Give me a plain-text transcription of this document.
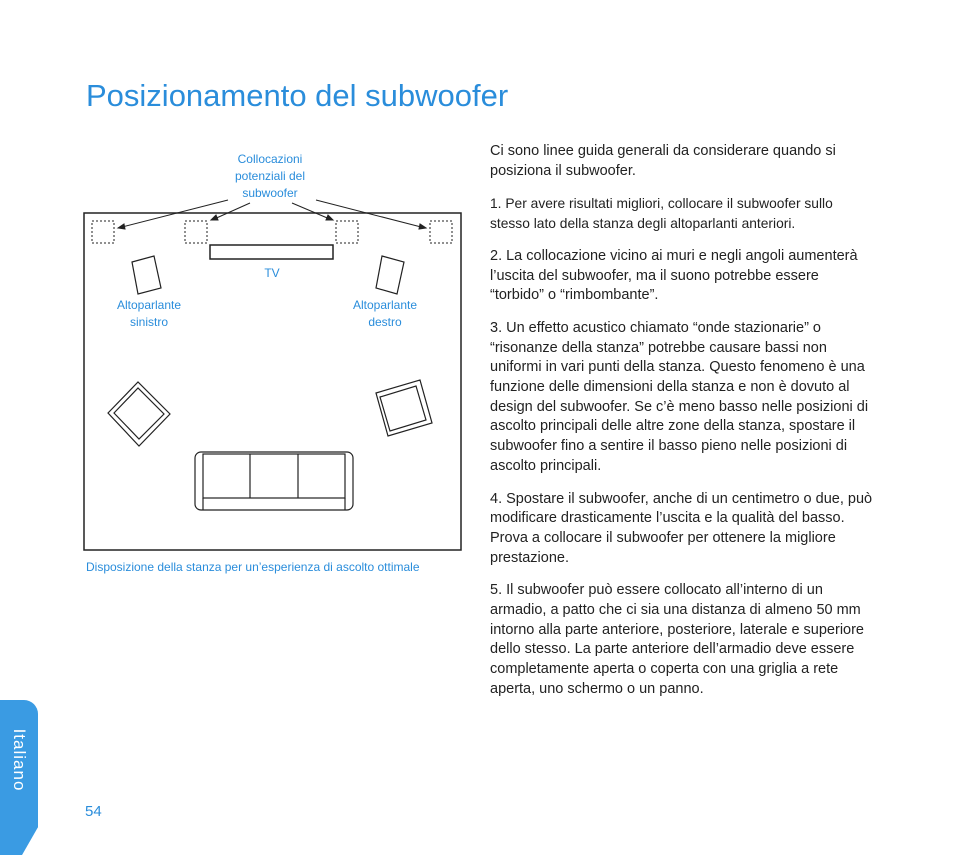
Posizionamento del subwoofer
Collocazioni potenziali del subwoofer
TV
Altoparlante sinistro
Altoparlante destro
Disposizione della stanza per un’esperienza di ascolto ottimale

Ci sono linee guida generali da considerare quando si posiziona il subwoofer.

1. Per avere risultati migliori, collocare il subwoofer sullo stesso lato della stanza degli altoparlanti anteriori.

2. La collocazione vicino ai muri e negli angoli aumenterà l’uscita del subwoofer, ma il suono potrebbe essere “torbido” o “rimbombante”.

3. Un effetto acustico chiamato “onde stazionarie” o “risonanze della stanza” potrebbe causare bassi non uniformi in vari punti della stanza. Questo fenomeno è una funzione delle dimensioni della stanza e non è dovuto al design del subwoofer. Se c’è meno basso nelle posizioni di ascolto principali delle altre zone della stanza, spostare il subwoofer fino a sentire il basso pieno nelle posizioni di ascolto principali.

4. Spostare il subwoofer, anche di un centimetro o due, può modificare drasticamente l’uscita e la qualità del basso. Prova a collocare il subwoofer per ottenere la migliore prestazione.

5. Il subwoofer può essere collocato all’interno di un armadio, a patto che ci sia una distanza di almeno 50 mm intorno alla parte anteriore, posteriore, laterale e superiore dello stesso. La parte anteriore dell’armadio deve essere completamente aperta o coperta con una griglia a rete aperta, uno schermo o un panno.

Italiano
54
